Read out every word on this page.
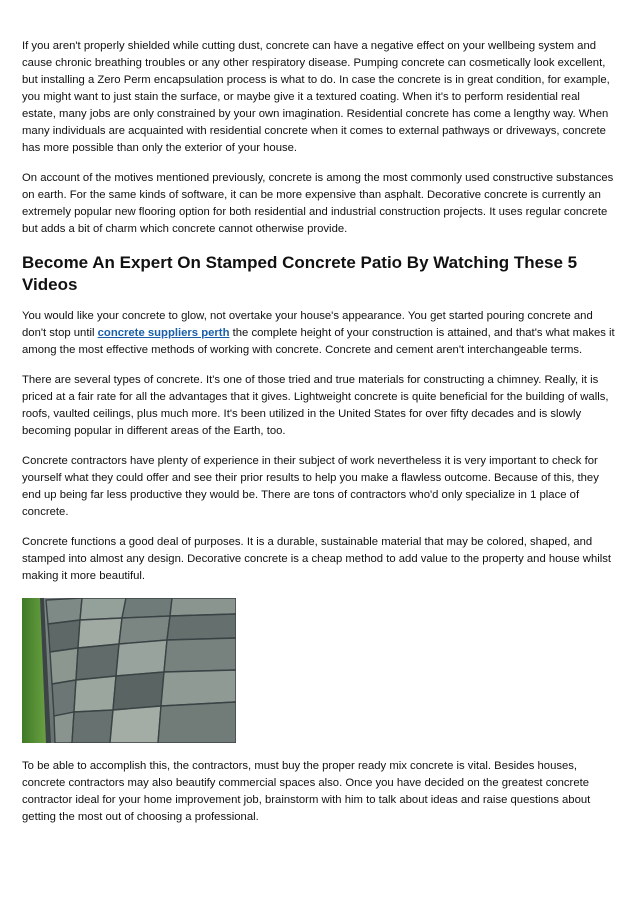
If you aren't properly shielded while cutting dust, concrete can have a negative effect on your wellbeing system and cause chronic breathing troubles or any other respiratory disease. Pumping concrete can cosmetically look excellent, but installing a Zero Perm encapsulation process is what to do. In case the concrete is in great condition, for example, you might want to just stain the surface, or maybe give it a textured coating. When it's to perform residential real estate, many jobs are only constrained by your own imagination. Residential concrete has come a lengthy way. When many individuals are acquainted with residential concrete when it comes to external pathways or driveways, concrete has more possible than only the exterior of your house.

On account of the motives mentioned previously, concrete is among the most commonly used constructive substances on earth. For the same kinds of software, it can be more expensive than asphalt. Decorative concrete is currently an extremely popular new flooring option for both residential and industrial construction projects. It uses regular concrete but adds a bit of charm which concrete cannot otherwise provide.

Become An Expert On Stamped Concrete Patio By Watching These 5 Videos

You would like your concrete to glow, not overtake your house's appearance. You get started pouring concrete and don't stop until concrete suppliers perth the complete height of your construction is attained, and that's what makes it among the most effective methods of working with concrete. Concrete and cement aren't interchangeable terms.

There are several types of concrete. It's one of those tried and true materials for constructing a chimney. Really, it is priced at a fair rate for all the advantages that it gives. Lightweight concrete is quite beneficial for the building of walls, roofs, vaulted ceilings, plus much more. It's been utilized in the United States for over fifty decades and is slowly becoming popular in different areas of the Earth, too.

Concrete contractors have plenty of experience in their subject of work nevertheless it is very important to check for yourself what they could offer and see their prior results to help you make a flawless outcome. Because of this, they end up being far less productive they would be. There are tons of contractors who'd only specialize in 1 place of concrete.

Concrete functions a good deal of purposes. It is a durable, sustainable material that may be colored, shaped, and stamped into almost any design. Decorative concrete is a cheap method to add value to the property and house whilst making it more beautiful.

To be able to accomplish this, the contractors, must buy the proper ready mix concrete is vital. Besides houses, concrete contractors may also beautify commercial spaces also. Once you have decided on the greatest concrete contractor ideal for your home improvement job, brainstorm with him to talk about ideas and raise questions about getting the most out of choosing a professional.
